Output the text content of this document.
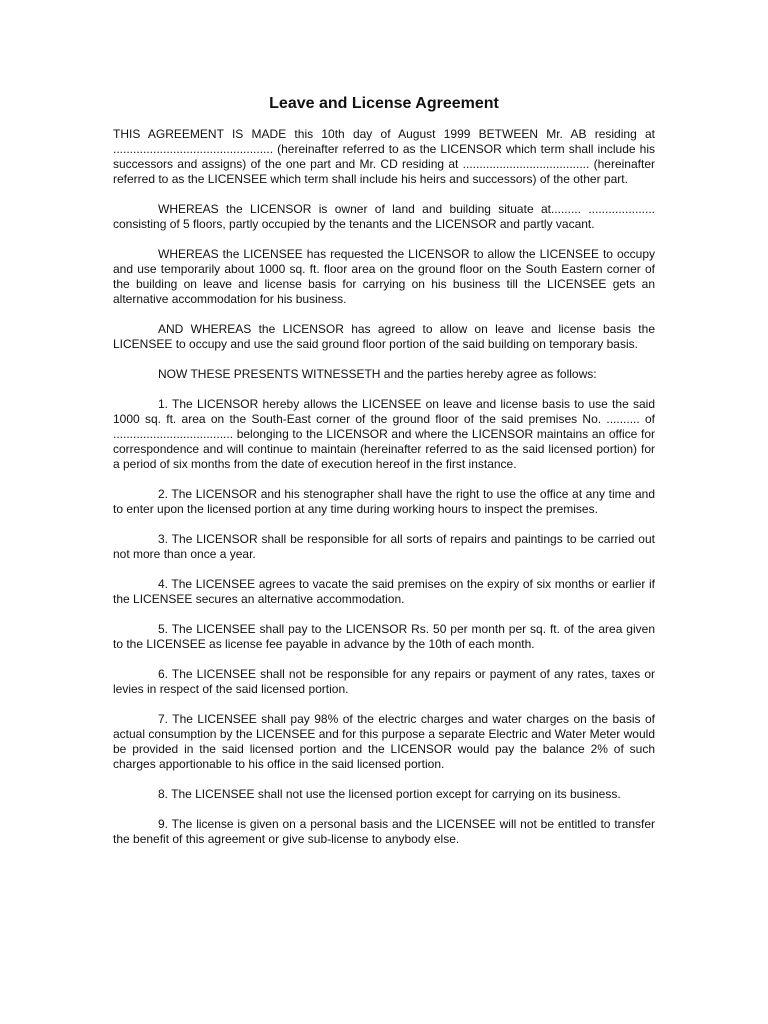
Leave and License Agreement

THIS AGREEMENT IS MADE this 10th day of August 1999 BETWEEN Mr. AB residing at ................................................ (hereinafter referred to as the LICENSOR which term shall include his successors and assigns) of the one part and Mr. CD residing at ...................................... (hereinafter referred to as the LICENSEE which term shall include his heirs and successors) of the other part.

WHEREAS the LICENSOR is owner of land and building situate at......... .................... consisting of 5 floors, partly occupied by the tenants and the LICENSOR and partly vacant.

WHEREAS the LICENSEE has requested the LICENSOR to allow the LICENSEE to occupy and use temporarily about 1000 sq. ft. floor area on the ground floor on the South Eastern corner of the building on leave and license basis for carrying on his business till the LICENSEE gets an alternative accommodation for his business.

AND WHEREAS the LICENSOR has agreed to allow on leave and license basis the LICENSEE to occupy and use the said ground floor portion of the said building on temporary basis.

NOW THESE PRESENTS WITNESSETH and the parties hereby agree as follows:

1. The LICENSOR hereby allows the LICENSEE on leave and license basis to use the said 1000 sq. ft. area on the South-East corner of the ground floor of the said premises No. .......... of .................................... belonging to the LICENSOR and where the LICENSOR maintains an office for correspondence and will continue to maintain (hereinafter referred to as the said licensed portion) for a period of six months from the date of execution hereof in the first instance.

2. The LICENSOR and his stenographer shall have the right to use the office at any time and to enter upon the licensed portion at any time during working hours to inspect the premises.

3. The LICENSOR shall be responsible for all sorts of repairs and paintings to be carried out not more than once a year.

4. The LICENSEE agrees to vacate the said premises on the expiry of six months or earlier if the LICENSEE secures an alternative accommodation.

5. The LICENSEE shall pay to the LICENSOR Rs. 50 per month per sq. ft. of the area given to the LICENSEE as license fee payable in advance by the 10th of each month.

6. The LICENSEE shall not be responsible for any repairs or payment of any rates, taxes or levies in respect of the said licensed portion.

7. The LICENSEE shall pay 98% of the electric charges and water charges on the basis of actual consumption by the LICENSEE and for this purpose a separate Electric and Water Meter would be provided in the said licensed portion and the LICENSOR would pay the balance 2% of such charges apportionable to his office in the said licensed portion.

8. The LICENSEE shall not use the licensed portion except for carrying on its business.

9. The license is given on a personal basis and the LICENSEE will not be entitled to transfer the benefit of this agreement or give sub-license to anybody else.
